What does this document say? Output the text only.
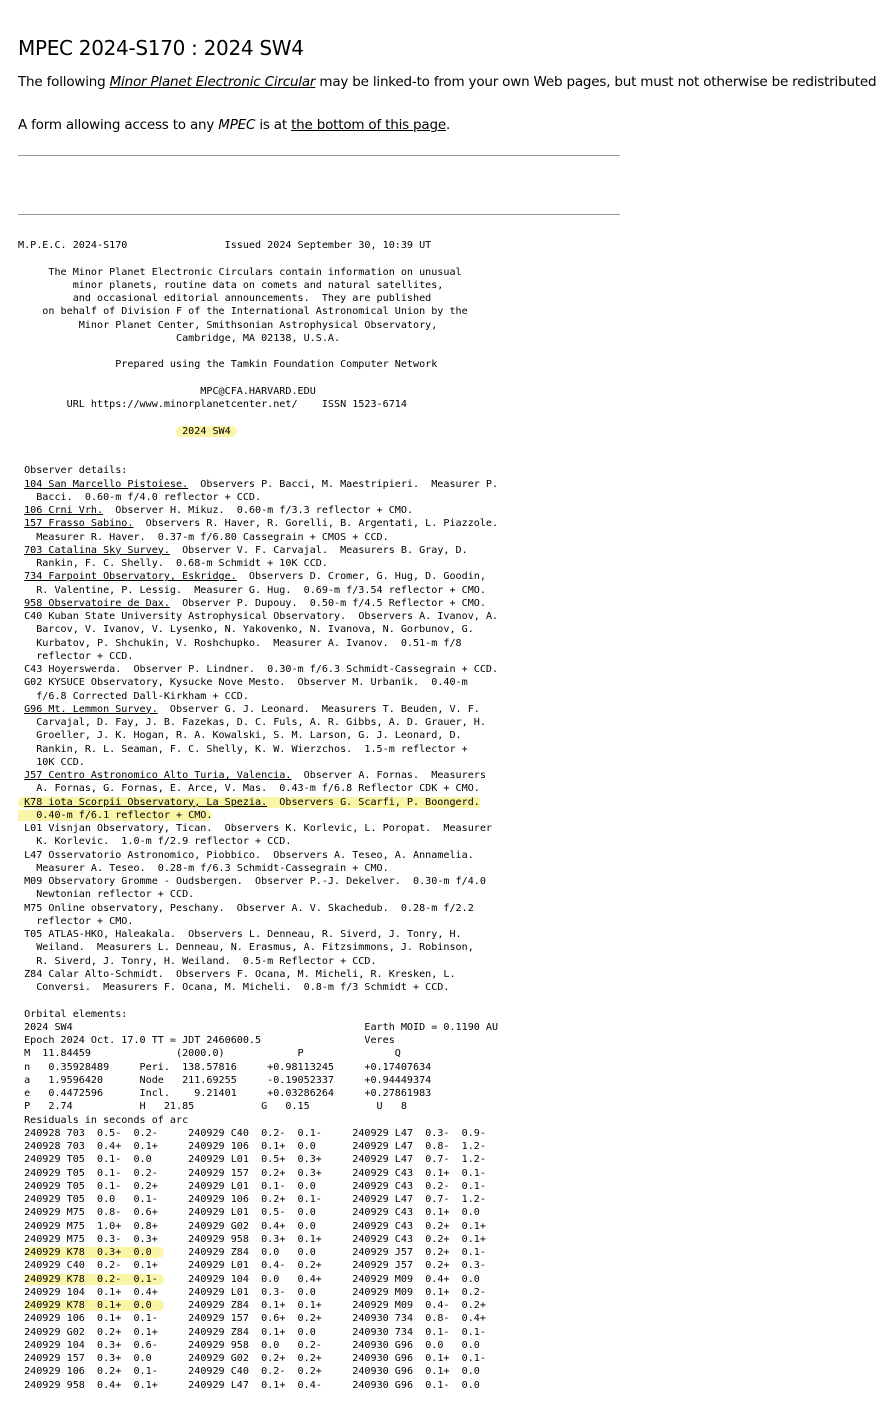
MPEC 2024-S170 : 2024 SW4

The following Minor Planet Electronic Circular may be linked-to from your own Web pages, but must not otherwise be redistributed

A form allowing access to any MPEC is at the bottom of this page.

M.P.E.C. 2024-S170	Issued 2024 September 30, 10:39 UT

The Minor Planet Electronic Circulars contain information on unusual
minor planets, routine data on comets and natural satellites,
and occasional editorial announcements.  They are published
on behalf of Division F of the International Astronomical Union by the
Minor Planet Center, Smithsonian Astrophysical Observatory,
Cambridge, MA 02138, U.S.A.

Prepared using the Tamkin Foundation Computer Network

MPC@CFA.HARVARD.EDU
URL https://www.minorplanetcenter.net/    ISSN 1523-6714

2024 SW4

Observer details:
104 San Marcello Pistoiese.  Observers P. Bacci, M. Maestripieri.  Measurer P.
Bacci.  0.60-m f/4.0 reflector + CCD.
106 Crni Vrh.  Observer H. Mikuz.  0.60-m f/3.3 reflector + CMO.
157 Frasso Sabino.  Observers R. Haver, R. Gorelli, B. Argentati, L. Piazzole.
Measurer R. Haver.  0.37-m f/6.80 Cassegrain + CMOS + CCD.
703 Catalina Sky Survey.  Observer V. F. Carvajal.  Measurers B. Gray, D.
Rankin, F. C. Shelly.  0.68-m Schmidt + 10K CCD.
734 Farpoint Observatory, Eskridge.  Observers D. Cromer, G. Hug, D. Goodin,
R. Valentine, P. Lessig.  Measurer G. Hug.  0.69-m f/3.54 reflector + CMO.
958 Observatoire de Dax.  Observer P. Dupouy.  0.50-m f/4.5 Reflector + CMO.
C40 Kuban State University Astrophysical Observatory.  Observers A. Ivanov, A.
Barcov, V. Ivanov, V. Lysenko, N. Yakovenko, N. Ivanova, N. Gorbunov, G.
Kurbatov, P. Shchukin, V. Roshchupko.  Measurer A. Ivanov.  0.51-m f/8
reflector + CCD.
C43 Hoyerswerda.  Observer P. Lindner.  0.30-m f/6.3 Schmidt-Cassegrain + CCD.
G02 KYSUCE Observatory, Kysucke Nove Mesto.  Observer M. Urbanik.  0.40-m
f/6.8 Corrected Dall-Kirkham + CCD.
G96 Mt. Lemmon Survey.  Observer G. J. Leonard.  Measurers T. Beuden, V. F.
Carvajal, D. Fay, J. B. Fazekas, D. C. Fuls, A. R. Gibbs, A. D. Grauer, H.
Groeller, J. K. Hogan, R. A. Kowalski, S. M. Larson, G. J. Leonard, D.
Rankin, R. L. Seaman, F. C. Shelly, K. W. Wierzchos.  1.5-m reflector +
10K CCD.
J57 Centro Astronomico Alto Turia, Valencia.  Observer A. Fornas.  Measurers
A. Fornas, G. Fornas, E. Arce, V. Mas.  0.43-m f/6.8 Reflector CDK + CMO.
K78 iota Scorpii Observatory, La Spezia.  Observers G. Scarfi, P. Boongerd.
0.40-m f/6.1 reflector + CMO.
L01 Visnjan Observatory, Tican.  Observers K. Korlevic, L. Poropat.  Measurer
K. Korlevic.  1.0-m f/2.9 reflector + CCD.
L47 Osservatorio Astronomico, Piobbico.  Observers A. Teseo, A. Annamelia.
Measurer A. Teseo.  0.28-m f/6.3 Schmidt-Cassegrain + CMO.
M09 Observatory Gromme - Oudsbergen.  Observer P.-J. Dekelver.  0.30-m f/4.0
Newtonian reflector + CCD.
M75 Online observatory, Peschany.  Observer A. V. Skachedub.  0.28-m f/2.2
reflector + CMO.
T05 ATLAS-HKO, Haleakala.  Observers L. Denneau, R. Siverd, J. Tonry, H.
Weiland.  Measurers L. Denneau, N. Erasmus, A. Fitzsimmons, J. Robinson,
R. Siverd, J. Tonry, H. Weiland.  0.5-m Reflector + CCD.
Z84 Calar Alto-Schmidt.  Observers F. Ocana, M. Micheli, R. Kresken, L.
Conversi.  Measurers F. Ocana, M. Micheli.  0.8-m f/3 Schmidt + CCD.

Orbital elements:
2024 SW4                                                Earth MOID = 0.1190 AU
Epoch 2024 Oct. 17.0 TT = JDT 2460600.5                 Veres
M  11.84459              (2000.0)            P               Q
n   0.35928489     Peri.  138.57816     +0.98113245     +0.17407634
a   1.9596420      Node   211.69255     -0.19052337     +0.94449374
e   0.4472596      Incl.    9.21401     +0.03286264     +0.27861983
P   2.74           H   21.85           G   0.15           U   8
Residuals in seconds of arc
240928 703  0.5-  0.2-     240929 C40  0.2-  0.1-     240929 L47  0.3-  0.9-
240928 703  0.4+  0.1+     240929 106  0.1+  0.0      240929 L47  0.8-  1.2-
240929 T05  0.1-  0.0      240929 L01  0.5+  0.3+     240929 L47  0.7-  1.2-
240929 T05  0.1-  0.2-     240929 157  0.2+  0.3+     240929 C43  0.1+  0.1-
240929 T05  0.1-  0.2+     240929 L01  0.1-  0.0      240929 C43  0.2-  0.1-
240929 T05  0.0   0.1-     240929 106  0.2+  0.1-     240929 L47  0.7-  1.2-
240929 M75  0.8-  0.6+     240929 L01  0.5-  0.0      240929 C43  0.1+  0.0
240929 M75  1.0+  0.8+     240929 G02  0.4+  0.0      240929 C43  0.2+  0.1+
240929 M75  0.3-  0.3+     240929 958  0.3+  0.1+     240929 C43  0.2+  0.1+
240929 K78  0.3+  0.0      240929 Z84  0.0   0.0      240929 J57  0.2+  0.1-
240929 C40  0.2-  0.1+     240929 L01  0.4-  0.2+     240929 J57  0.2+  0.3-
240929 K78  0.2-  0.1-     240929 104  0.0   0.4+     240929 M09  0.4+  0.0
240929 104  0.1+  0.4+     240929 L01  0.3-  0.0      240929 M09  0.1+  0.2-
240929 K78  0.1+  0.0      240929 Z84  0.1+  0.1+     240929 M09  0.4-  0.2+
240929 106  0.1+  0.1-     240929 157  0.6+  0.2+     240930 734  0.8-  0.4+
240929 G02  0.2+  0.1+     240929 Z84  0.1+  0.0      240930 734  0.1-  0.1-
240929 104  0.3+  0.6-     240929 958  0.0   0.2-     240930 G96  0.0   0.0
240929 157  0.3+  0.0      240929 G02  0.2+  0.2+     240930 G96  0.1+  0.1-
240929 106  0.2+  0.1-     240929 C40  0.2-  0.2+     240930 G96  0.1+  0.0
240929 958  0.4+  0.1+     240929 L47  0.1+  0.4-     240930 G96  0.1-  0.0
